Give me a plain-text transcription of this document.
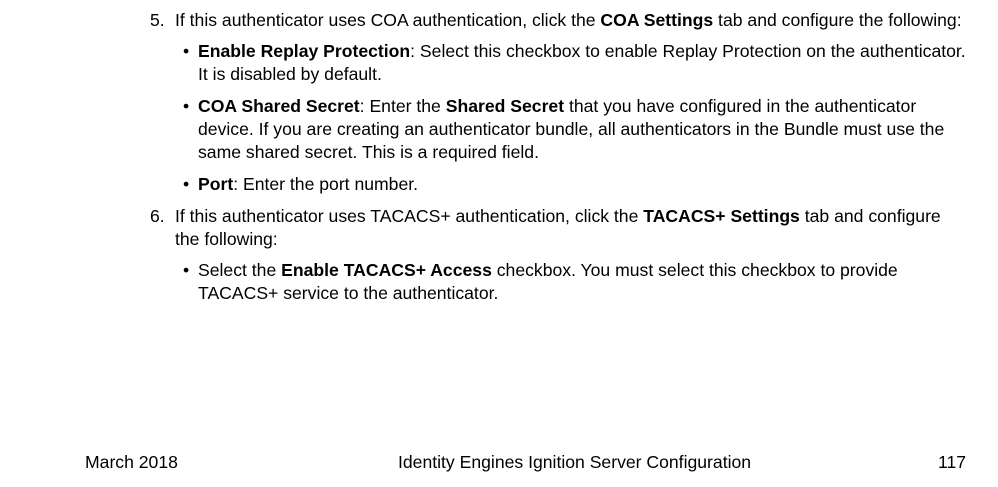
5. If this authenticator uses COA authentication, click the COA Settings tab and configure the following:
• Enable Replay Protection: Select this checkbox to enable Replay Protection on the authenticator. It is disabled by default.
• COA Shared Secret: Enter the Shared Secret that you have configured in the authenticator device. If you are creating an authenticator bundle, all authenticators in the Bundle must use the same shared secret. This is a required field.
• Port: Enter the port number.
6. If this authenticator uses TACACS+ authentication, click the TACACS+ Settings tab and configure the following:
• Select the Enable TACACS+ Access checkbox. You must select this checkbox to provide TACACS+ service to the authenticator.
March 2018	Identity Engines Ignition Server Configuration	117
